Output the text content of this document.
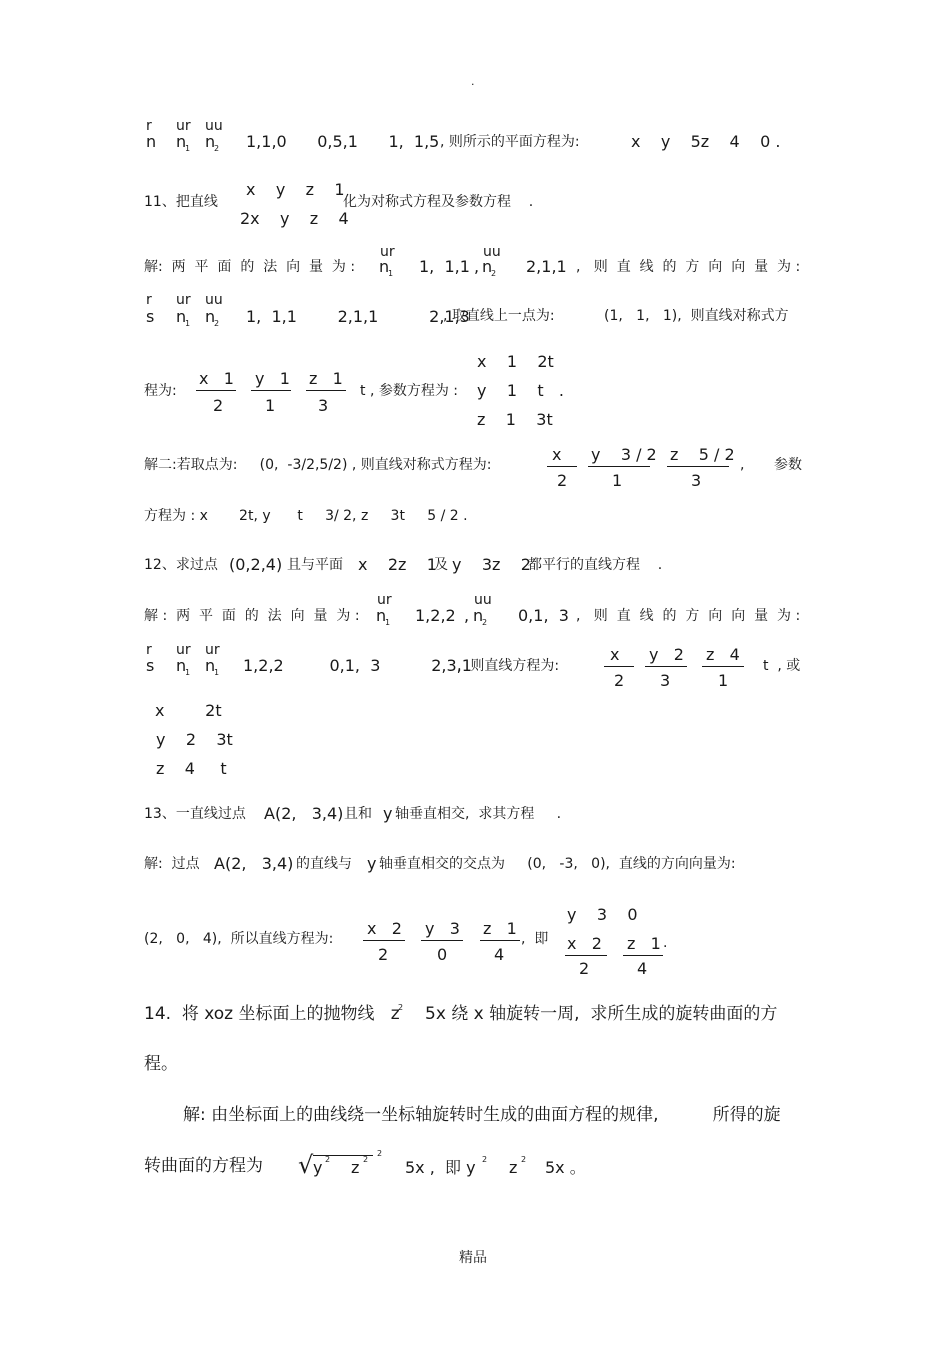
.
r ur uu
n n
1 n
2 1,1,0      0,5,1      1,  1,5 , 则所示的平面方程为:	x    y    5z    4    0 .
11、把直线
x    y    z    1
2x    y    z    4
化为对称式方程及参数方程    .
解:  两  平  面  的  法  向  量  为 :
ur
n
1 1,  1,1 ,
uu
n
2 2,1,1 ,   则  直  线  的  方  向  向  量  为 :
r ur uu
s n
1 n
2 1,  1,1        2,1,1          2,1,3
, 取直线上一点为:	(1,   1,   1),  则直线对称式方
程为:
x   1
2
y   1
1
z   1
3
t , 参数方程为 :
x    1    2t
y    1    t   .
z    1    3t
解二:若取点为:     (0,  -3/2,5/2) , 则直线对称式方程为:
x
2
y    3 / 2
1
z    5 / 2
3
, 参数
方程为 : x       2t, y      t     3/ 2, z     3t     5 / 2 .
12、求过点 (0,2,4) 且与平面 x    2z    1
及 y    3z    2
都平行的直线方程    .
解 :  两  平  面  的  法  向  量  为 :
ur
n
1 1,2,2 ,
uu
n
2 0,1,  3 ,   则  直  线  的  方  向  向  量  为 :
r ur ur
s n
1 n
1 1,2,2         0,1,  3          2,3,1
,  则直线方程为:
x
2
y   2
3
z   4
1
t  , 或
x        2t
y    2    3t
z    4     t
13、一直线过点 A(2,   3,4) 且和 y 轴垂直相交,  求其方程     .
解:  过点 A(2,   3,4) 的直线与 y 轴垂直相交的交点为     (0,   -3,   0),  直线的方向向量为:
(2,   0,   4),  所以直线方程为:
x   2
2
y   3
0
z   1
4
,  即
y    3    0
x   2
2
z   1
4
.
14.  将 xoz 坐标面上的抛物线   z
2 5x 绕 x 轴旋转一周,  求所生成的旋转曲面的方
程。
解: 由坐标面上的曲线绕一坐标轴旋转时生成的曲面方程的规律,          所得的旋
转曲面的方程为 √ y 2 z 2
2
5x ,  即 y 2 z 2 5x 。
精品
